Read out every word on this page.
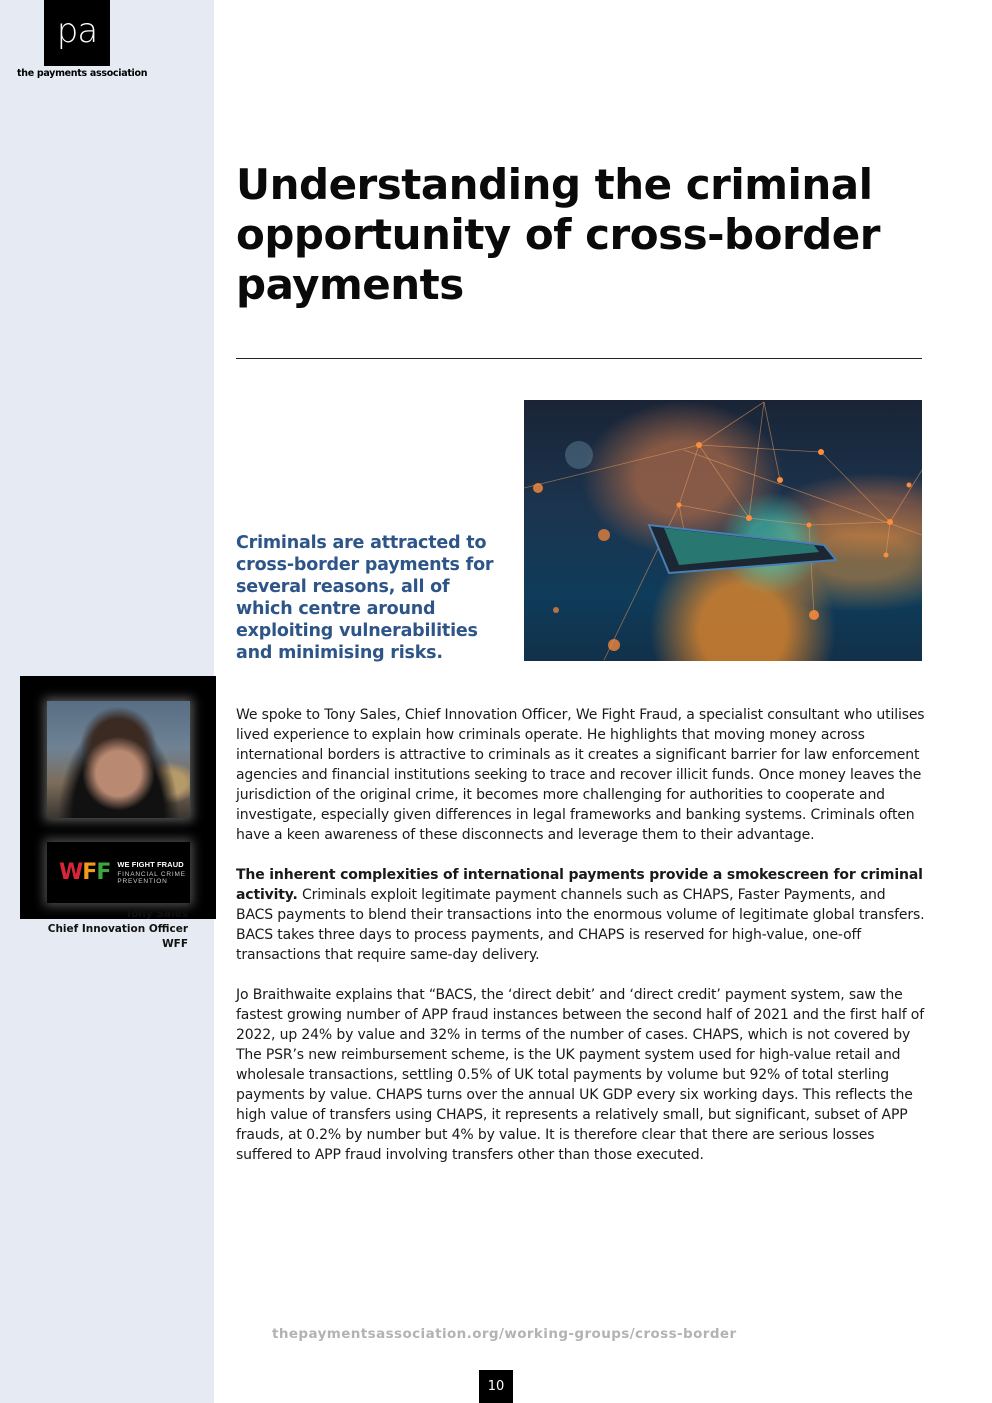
pa
the payments association
Understanding the criminal opportunity of cross-border payments
Criminals are attracted to cross-border payments for several reasons, all of which centre around exploiting vulnerabilities and minimising risks.
W F F WE FIGHT FRAUD
FINANCIAL CRIME
PREVENTION
Tony Sales
Chief Innovation Officer
WFF

We spoke to Tony Sales, Chief Innovation Officer, We Fight Fraud, a specialist consultant who utilises lived experience to explain how criminals operate. He highlights that moving money across international borders is attractive to criminals as it creates a significant barrier for law enforcement agencies and financial institutions seeking to trace and recover illicit funds. Once money leaves the jurisdiction of the original crime, it becomes more challenging for authorities to cooperate and investigate, especially given differences in legal frameworks and banking systems. Criminals often have a keen awareness of these disconnects and leverage them to their advantage.

The inherent complexities of international payments provide a smokescreen for criminal activity. Criminals exploit legitimate payment channels such as CHAPS, Faster Payments, and BACS payments to blend their transactions into the enormous volume of legitimate global transfers. BACS takes three days to process payments, and CHAPS is reserved for high-value, one-off transactions that require same-day delivery.

Jo Braithwaite explains that “BACS, the ‘direct debit’ and ‘direct credit’ payment system, saw the fastest growing number of APP fraud instances between the second half of 2021 and the first half of 2022, up 24% by value and 32% in terms of the number of cases. CHAPS, which is not covered by The PSR’s new reimbursement scheme, is the UK payment system used for high-value retail and wholesale transactions, settling 0.5% of UK total payments by volume but 92% of total sterling payments by value. CHAPS turns over the annual UK GDP every six working days. This reflects the high value of transfers using CHAPS, it represents a relatively small, but significant, subset of APP frauds, at 0.2% by number but 4% by value. It is therefore clear that there are serious losses suffered to APP fraud involving transfers other than those executed.

thepaymentsassociation.org/working-groups/cross-border
10
